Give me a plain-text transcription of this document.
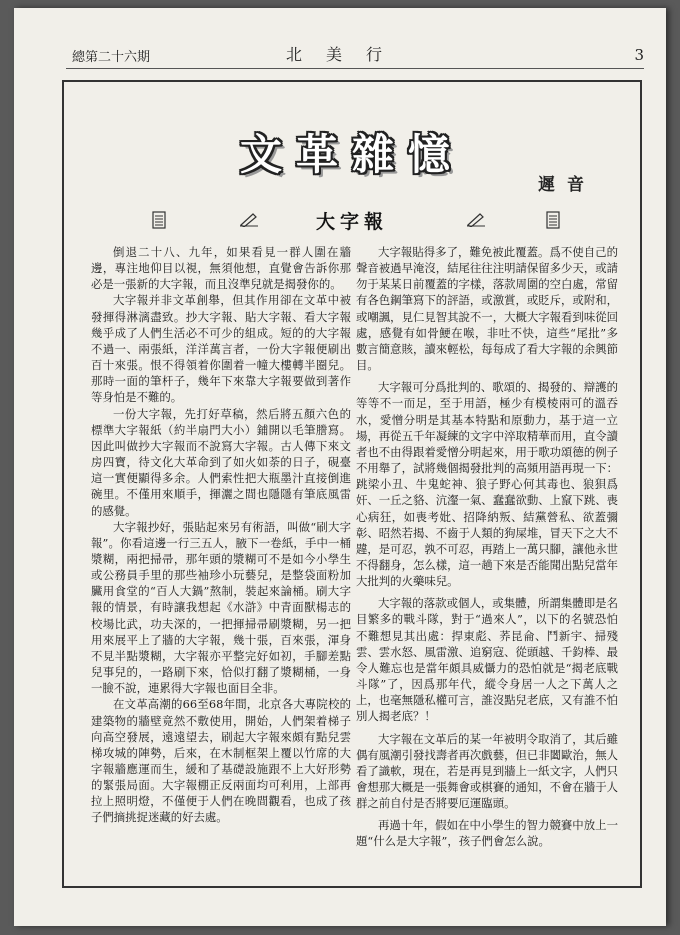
總第二十六期	北美行	3
文革雜憶
遲音
大字報

倒退二十八、九年，如果看見一群人圍在牆邊，專注地仰目以視，無須他想，直覺會告訴你那必是一張新的大字報，而且沒準兒就是揭發你的。

大字報并非文革創舉，但其作用卻在文革中被發揮得淋漓盡致。抄大字報、貼大字報、看大字報幾乎成了人們生活必不可少的組成。短的的大字報不過一、兩張紙，洋洋萬言者，一份大字報便刷出百十來張。恨不得領着你圍着一幢大樓轉半圈兒。那時一面的筆杆子，幾年下來靠大字報要做到著作等身怕是不難的。

一份大字報，先打好草稿，然后將五顏六色的標準大字報紙（約半扇門大小）鋪開以毛筆謄寫。因此叫做抄大字報而不說寫大字報。古人傳下來文房四寶，待文化大革命到了如火如荼的日子，硯臺這一實便顯得多余。人們索性把大瓶墨汁直接倒進碗里。不僅用來順手，揮灑之間也隱隱有筆底風雷的感覺。

大字報抄好，張貼起來另有術語，叫做“刷大字報”。你看這邊一行三五人，腋下一卷紙，手中一桶漿糊，兩把掃帚，那年頭的漿糊可不是如今小學生或公務員手里的那些袖珍小玩藝兒，是整袋面粉加臟用食堂的“百人大鍋”熬制，裝起來論桶。刷大字報的情景，有時讓我想起《水滸》中青面獸楊志的校場比武，功夫深的，一把揮掃帚刷漿糊，另一把用來展平上了牆的大字報，幾十張，百來張，渾身不見半點漿糊，大字報亦平整完好如初，手腳差點兒事兒的，一路刷下來，恰似打翻了漿糊桶，一身一臉不說，連累得大字報也面目全非。

在文革高潮的66至68年間，北京各大專院校的建築物的牆壁竟然不敷使用，開始，人們架着梯子向高空發展，遠遠望去，刷起大字報來頗有點兒雲梯攻城的陣勢，后來，在木制框架上覆以竹席的大字報牆應運而生，緩和了基礎設施跟不上大好形勢的緊張局面。大字報棚正反兩面均可利用，上部再拉上照明燈，不僅便于人們在晚間觀看，也成了孩子們摘挑捉迷藏的好去處。

大字報貼得多了，難免被此覆蓋。爲不使自己的聲音被過早淹沒，結尾往往注明請保留多少天，或請勿于某某日前覆蓋的字樣，落款周圍的空白處，常留有各色鋼筆寫下的評語，或激賞，或貶斥，或附和，或嘲諷，見仁見智其說不一，大概大字報看到味從回處，感覺有如骨鯁在喉，非吐不快，這些“尾批”多數言簡意賅，讀來輕松，每每成了看大字報的余興節目。

大字報可分爲批判的、歌頌的、揭發的、辯護的等等不一而足，至于用語，極少有模棱兩可的溫吞水，愛憎分明是其基本特點和原動力，基于這一立場，再從五千年凝練的文字中淬取精華而用，直令讀者也不由得跟着愛憎分明起來，用于歌功頌德的例子不用舉了，試將幾個揭發批判的高頻用語再現一下：跳梁小丑、牛鬼蛇神、狼子野心何其毒也、狼狽爲奸、一丘之貉、沆瀣一氣、蠢蠢欲動、上竄下跳、喪心病狂，如喪考妣、招降納叛、結黨營私、欲蓋彌彰、昭然若揭、不齒于人類的狗屎堆，冒天下之大不韙，是可忍，孰不可忍，再踏上一萬只腳，讓他永世不得翻身，怎么樣，這一趟下來是否能聞出點兒當年大批判的火藥味兒。

大字報的落款或個人，或集體，所謂集體即是名目繁多的戰斗隊，對于“過來人”，以下的名號恐怕不難想見其出處：捍東彪、荞昆侖、鬥新宇、掃殘雲、雲水怒、風雷激、追窮寇、從頭越、千鈞棒、最令人難忘也是當年頗具威懾力的恐怕就是“揭老底戰斗隊”了，因爲那年代，縱令身居一人之下萬人之上，也毫無隱私權可言，誰沒點兒老底，又有誰不怕別人揭老底？！

大字報在文革后的某一年被明令取消了，其后雖偶有風潮引發找壽者再次戲藝，但已非闔歐治，無人看了識軟，現在，若是再見到牆上一紙文字，人們只會想那大概是一張舞會或棋賽的通知，不會在牆于人群之前自付是否將要厄運臨頭。

再過十年，假如在中小學生的智力競賽中放上一題“什么是大字報”，孩子們會怎么說。
